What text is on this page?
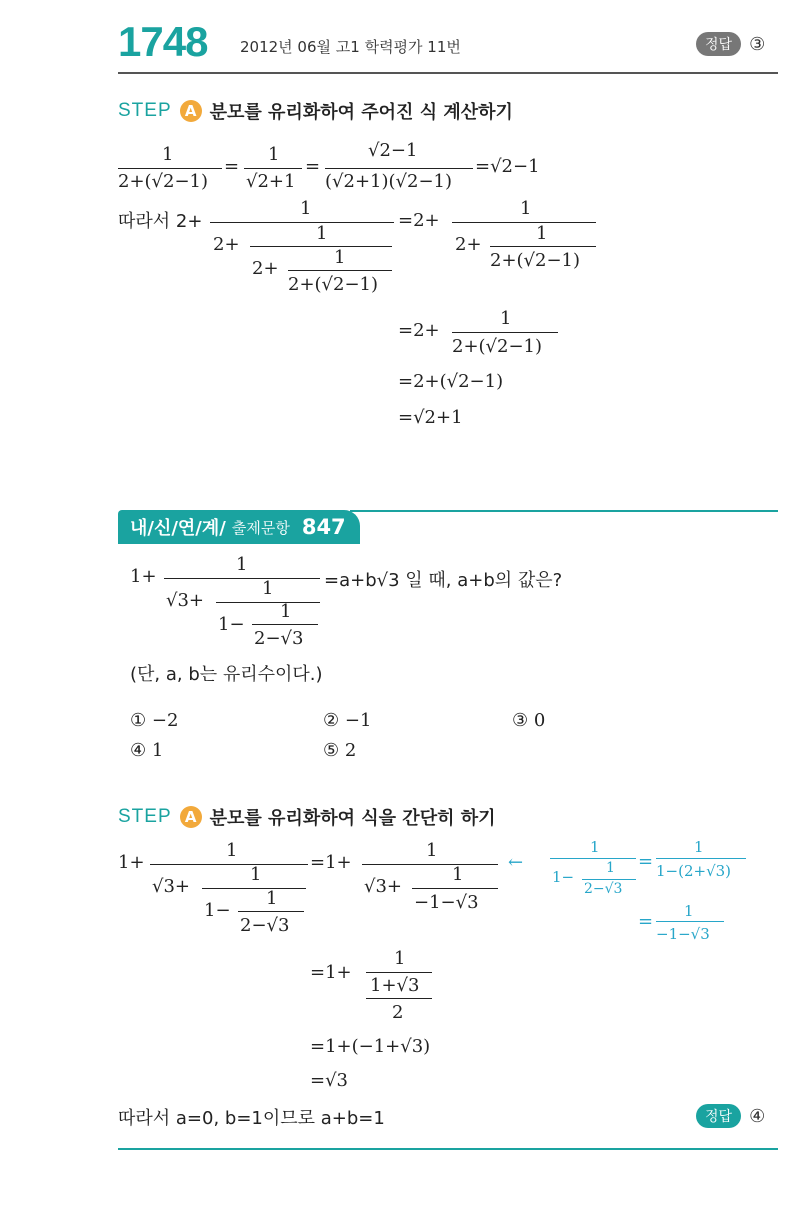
1748 2012년 06월 고1 학력평가 11번	정답 ③
STEP A 분모를 유리화하여 주어진 식 계산하기
1
2+(√2−1)
=
1
√2+1
=
√2−1
(√2+1)(√2−1)
=√2−1
따라서 2+
1
2+
1
2+
1
2+(√2−1)
=2+
1
2+
1
2+(√2−1)
=2+
1
2+(√2−1)
=2+(√2−1)
=√2+1
내/신/연/계/ 출제문항 847
1+
1
√3+
1
1−
1
2−√3
=a+b√3 일 때, a+b의 값은?
(단, a, b는 유리수이다.)
① −2	② −1	③ 0
④ 1	⑤ 2
STEP A 분모를 유리화하여 식을 간단히 하기
1+
1
√3+
1
1−
1
2−√3
=1+
1
√3+
1
−1−√3
←
1
1− 1
2−√3
=
1
1−(2+√3)
= 1
−1−√3
=1+
1
1+√3
2
=1+(−1+√3)
=√3
따라서 a=0, b=1이므로 a+b=1	정답 ④
